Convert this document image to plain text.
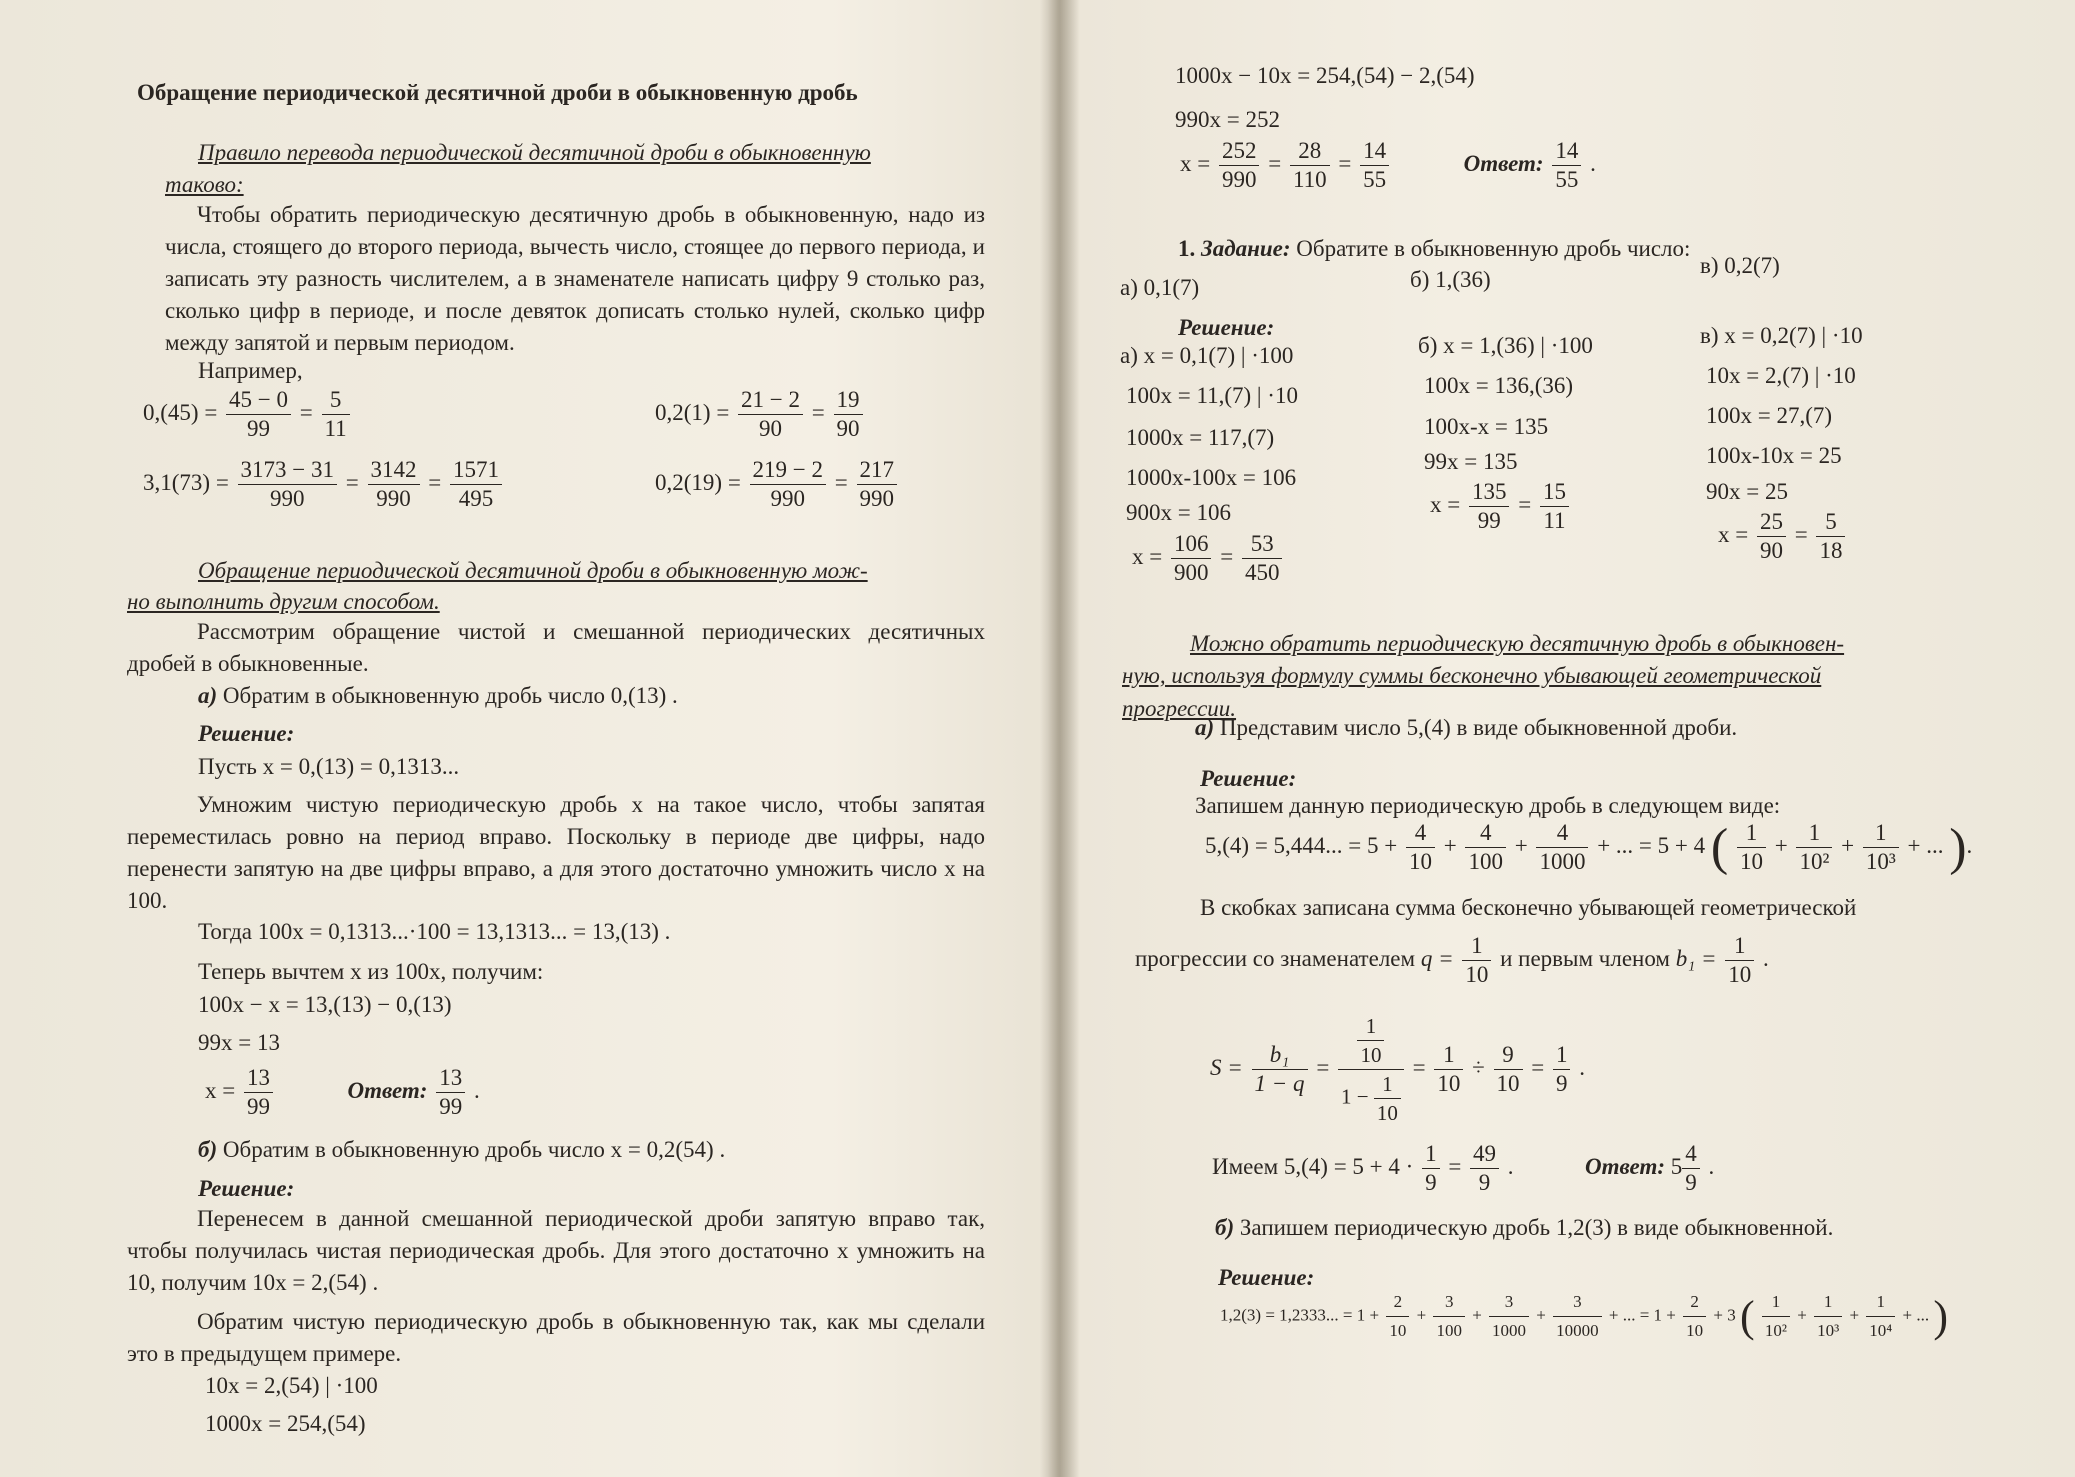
Обращение периодической десятичной дроби в обыкновенную дробь
Правило перевода периодической десятичной дроби в обыкновенную
таково:
Чтобы обратить периодическую десятичную дробь в обыкновенную, надо из числа, стоящего до второго периода, вычесть число, стоящее до первого периода, и записать эту разность числителем, а в знаменателе написать цифру 9 столько раз, сколько цифр в периоде, и после девяток дописать столько нулей, сколько цифр между запятой и первым периодом.
Например,
$0,(45) = \frac{45 - 0}{99} = \frac{5}{11}$	$0,2(1) = \frac{21 - 2}{90} = \frac{19}{90}$
$3,1(73) = \frac{3173 - 31}{990} = \frac{3142}{990} = \frac{1571}{495}$	$0,2(19) = \frac{219 - 2}{990} = \frac{217}{990}$
Обращение периодической десятичной дроби в обыкновенную мож-
но выполнить другим способом.
Рассмотрим обращение чистой и смешанной периодических десятичных дробей в обыкновенные.
а) Обратим в обыкновенную дробь число 0,(13) .
Решение:
Пусть x = 0,(13) = 0,1313...
Умножим чистую периодическую дробь x на такое число, чтобы запятая переместилась ровно на период вправо. Поскольку в периоде две цифры, надо перенести запятую на две цифры вправо, а для этого достаточно умножить число x на 100.
Тогда 100x = 0,1313...·100 = 13,1313... = 13,(13) .
Теперь вычтем x из 100x, получим:
100x − x = 13,(13) − 0,(13)
99x = 13
$x = \frac{13}{99}$	Ответ: $\frac{13}{99}$ .
б) Обратим в обыкновенную дробь число x = 0,2(54) .
Решение:
Перенесем в данной смешанной периодической дроби запятую вправо так, чтобы получилась чистая периодическая дробь. Для этого достаточно x умножить на 10, получим 10x = 2,(54) .
Обратим чистую периодическую дробь в обыкновенную так, как мы сделали это в предыдущем примере.
10x = 2,(54) | ·100
1000x = 254,(54)
1000x − 10x = 254,(54) − 2,(54)
990x = 252
$x = \frac{252}{990} = \frac{28}{110} = \frac{14}{55}$	Ответ: $\frac{14}{55}$ .
1. Задание: Обратите в обыкновенную дробь число:
а) 0,1(7)	б) 1,(36)
в) 0,2(7)
Решение:
а) x = 0,1(7) | ·100
100x = 11,(7) | ·10
1000x = 117,(7)
1000x-100x = 106
900x = 106
$x = \frac{106}{900} = \frac{53}{450}$
б) x = 1,(36) | ·100
100x = 136,(36)
100x-x = 135
99x = 135
$x = \frac{135}{99} = \frac{15}{11}$
в) x = 0,2(7) | ·10
10x = 2,(7) | ·10
100x = 27,(7)
100x-10x = 25
90x = 25
$x = \frac{25}{90} = \frac{5}{18}$
Можно обратить периодическую десятичную дробь в обыкновен-
ную, используя формулу суммы бесконечно убывающей геометрической
прогрессии.
а) Представим число 5,(4) в виде обыкновенной дроби.
Решение:
Запишем данную периодическую дробь в следующем виде:
5,(4) = 5,444... = $5 + \frac{4}{10} + \frac{4}{100} + \frac{4}{1000}$ + ... = 5 + 4 ( $\frac{1}{10} + \frac{1}{\text{10²}} + \frac{1}{\text{10³}}$ + ... ).
В скобках записана сумма бесконечно убывающей геометрической
прогрессии со знаменателем $q = \frac{1}{10}$ и первым членом $b_1 = \frac{1}{10}$ .
$S = \frac{\text{b₁}}{1 - q} = \frac{\frac{1}{10}}{1 - \frac{1}{10}} = \frac{1}{10} \div \frac{9}{10} = \frac{1}{9}$ .
Имеем $5,(4) = 5 + 4 \cdot \frac{1}{9} = \frac{49}{9}$ .	Ответ: $5 \frac{4}{9}$ .
б) Запишем периодическую дробь 1,2(3) в виде обыкновенной.
Решение:
1,2(3) = 1,2333... = $1 + \frac{2}{10} + \frac{3}{100} + \frac{3}{1000} + \frac{3}{10000}$ + ... = $1 + \frac{2}{10} + 3$ ( $\frac{1}{\text{10²}} + \frac{1}{\text{10³}} + \frac{1}{\text{10⁴}}$ + ... )
